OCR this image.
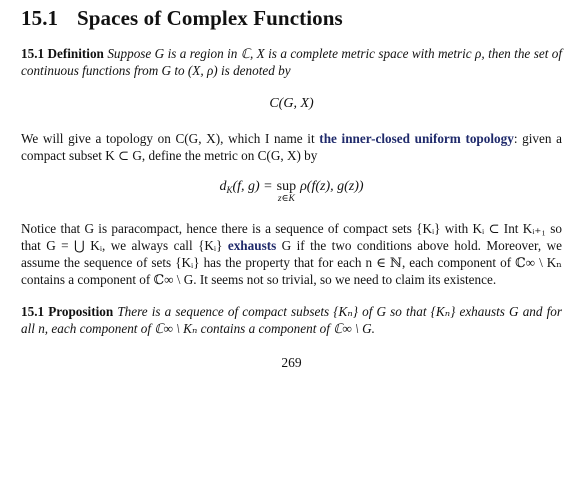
15.1 Spaces of Complex Functions
15.1 Definition Suppose G is a region in ℂ, X is a complete metric space with metric ρ, then the set of continuous functions from G to (X, ρ) is denoted by
C(G, X)
We will give a topology on C(G, X), which I name it the inner-closed uniform topology: given a compact subset K ⊂ G, define the metric on C(G, X) by
$d_K(f$, g) = sup
z∈K
ρ(f(z), g(z))
Notice that G is paracompact, hence there is a sequence of compact sets {Kᵢ} with Kᵢ ⊂ Int Kᵢ₊₁ so that G = ⋃ Kᵢ, we always call {Kᵢ} exhausts G if the two conditions above hold. Moreover, we assume the sequence of sets {Kᵢ} has the property that for each n ∈ ℕ, each component of ℂ∞ \ Kₙ contains a component of ℂ∞ \ G. It seems not so trivial, so we need to claim its existence.
15.1 Proposition There is a sequence of compact subsets {Kₙ} of G so that {Kₙ} exhausts G and for all n, each component of ℂ∞ \ Kₙ contains a component of ℂ∞ \ G.
269
